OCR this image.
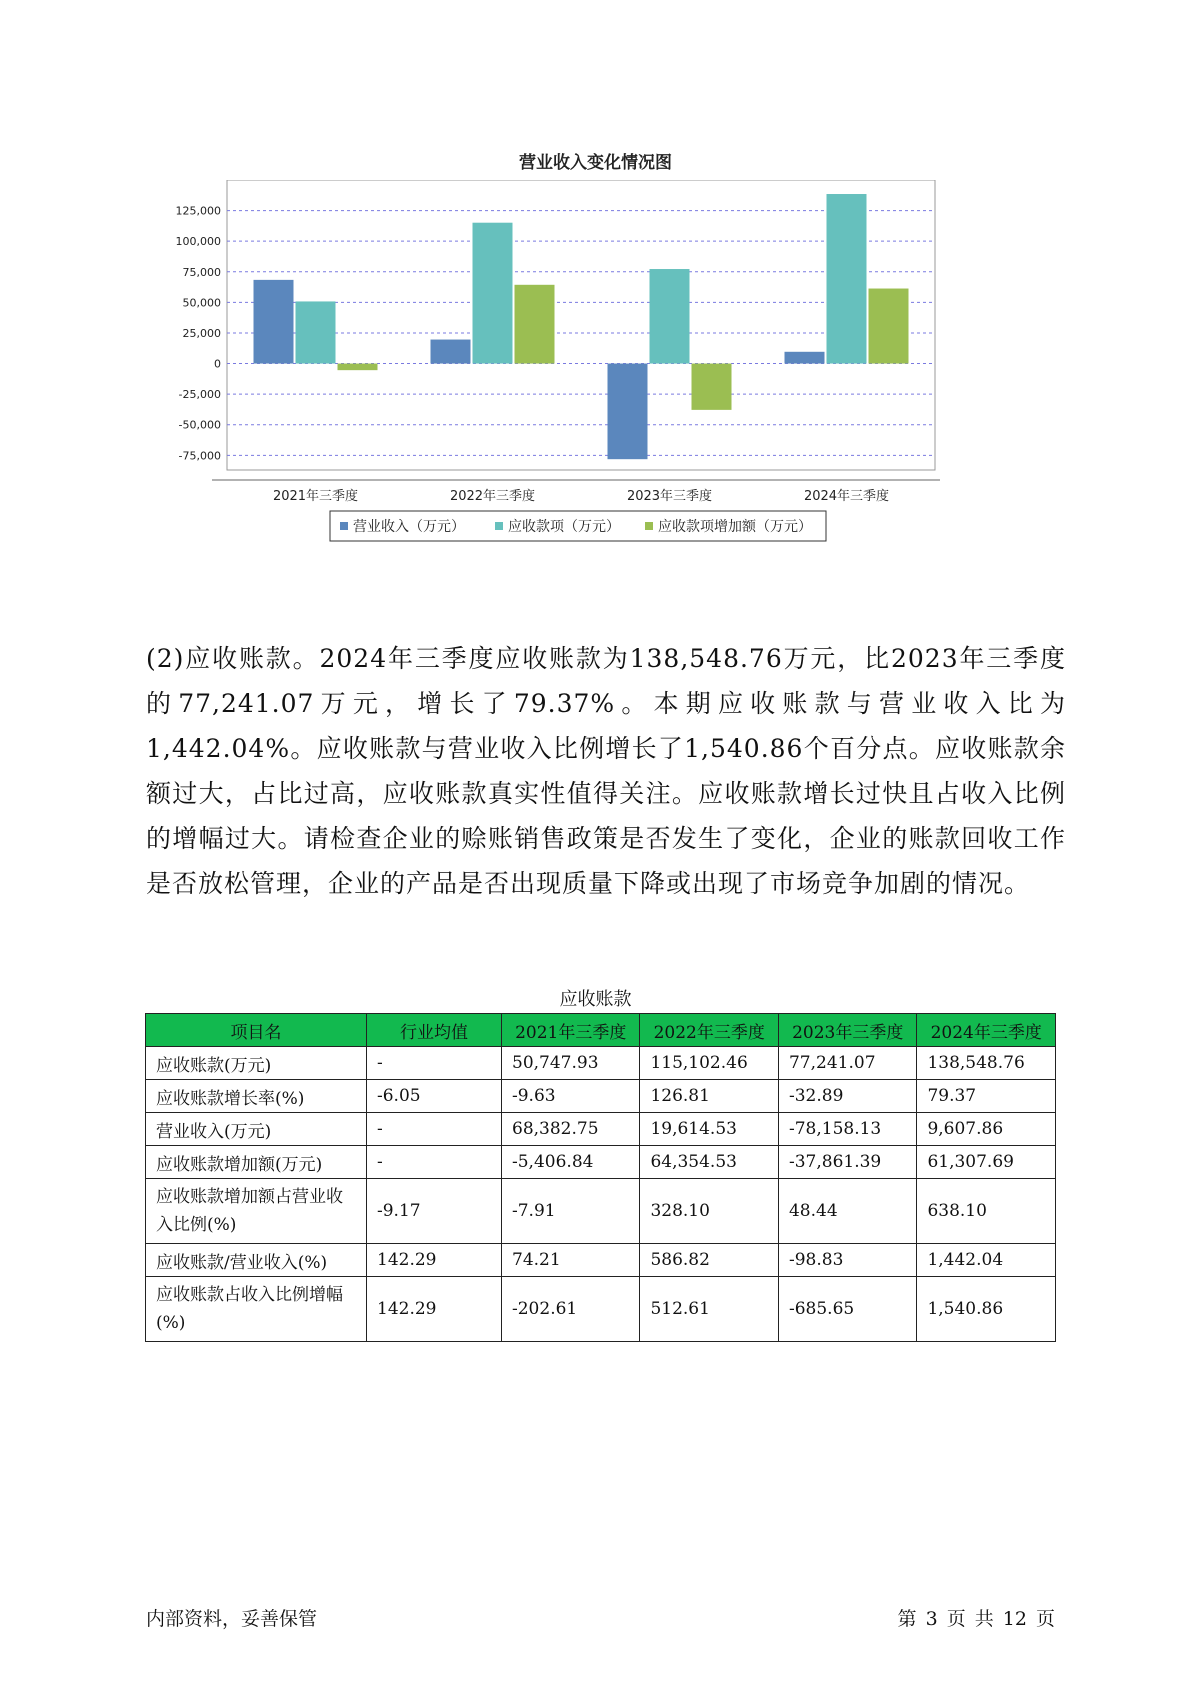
营业收入变化情况图
125,000
100,000
75,000
50,000
25,000
0
-25,000
-50,000
-75,000
2021年三季度	2022年三季度	2023年三季度	2024年三季度
营业收入（万元）	应收款项（万元）	应收款项增加额（万元）

(2)应收账款。2024年三季度应收账款为138,548.76万元，比2023年三季度的77,241.07万元，增长了79.37%。本期应收账款与营业收入比为1,442.04%。应收账款与营业收入比例增长了1,540.86个百分点。应收账款余额过大，占比过高，应收账款真实性值得关注。应收账款增长过快且占收入比例的增幅过大。请检查企业的赊账销售政策是否发生了变化，企业的账款回收工作是否放松管理，企业的产品是否出现质量下降或出现了市场竞争加剧的情况。

应收账款
项目名	行业均值	2021年三季度	2022年三季度	2023年三季度	2024年三季度
应收账款(万元)	-	50,747.93	115,102.46	77,241.07	138,548.76
应收账款增长率(%)	-6.05	-9.63	126.81	-32.89	79.37
营业收入(万元)	-	68,382.75	19,614.53	-78,158.13	9,607.86
应收账款增加额(万元)	-	-5,406.84	64,354.53	-37,861.39	61,307.69
应收账款增加额占营业收入比例(%)	-9.17	-7.91	328.10	48.44	638.10
应收账款/营业收入(%)	142.29	74.21	586.82	-98.83	1,442.04
应收账款占收入比例增幅(%)	142.29	-202.61	512.61	-685.65	1,540.86
内部资料，妥善保管	第 3 页 共 12 页
